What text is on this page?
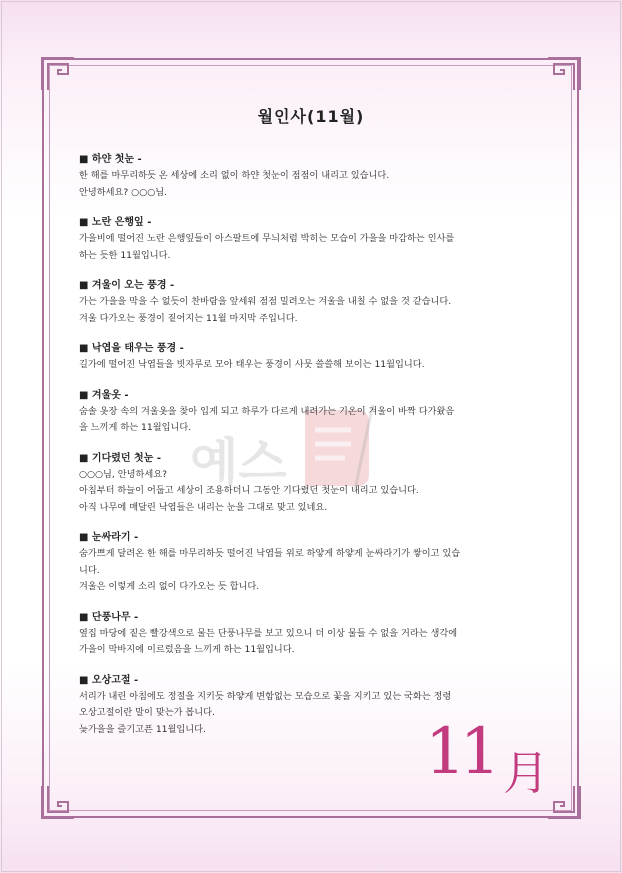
월인사(11월)
예스
■ 하얀 첫눈 -
한 해를 마무리하듯 온 세상에 소리 없이 하얀 첫눈이 점점이 내리고 있습니다.
안녕하세요? ○○○님.
■ 노란 은행잎 -
가을비에 떨어진 노란 은행잎들이 아스팔트에 무늬처럼 박히는 모습이 가을을 마감하는 인사를
하는 듯한 11월입니다.
■ 겨울이 오는 풍경 -
가는 가을을 막을 수 없듯이 찬바람을 앞세워 점점 밀려오는 겨울을 내칠 수 없을 것 같습니다.
겨울 다가오는 풍경이 짙어지는 11월 마지막 주입니다.
■ 낙엽을 태우는 풍경 -
길가에 떨어진 낙엽들을 빗자루로 모아 태우는 풍경이 사뭇 쓸쓸해 보이는 11월입니다.
■ 겨울옷 -
숨솔 옷장 속의 겨울옷을 찾아 입게 되고 하루가 다르게 내려가는 기온이 겨울이 바짝 다가왔음
을 느끼게 하는 11월입니다.
■ 기다렸던 첫눈 -
○○○님, 안녕하세요?
아침부터 하늘이 어둡고 세상이 조용하더니 그동안 기다렸던 첫눈이 내리고 있습니다.
아직 나무에 매달린 낙엽들은 내리는 눈을 그대로 맞고 있네요.
■ 눈싸라기 -
숨가쁘게 달려온 한 해를 마무리하듯 떨어진 낙엽들 위로 하얗게 하얗게 눈싸라기가 쌓이고 있습
니다.
겨울은 이렇게 소리 없이 다가오는 듯 합니다.
■ 단풍나무 -
옆집 마당에 짙은 빨강색으로 물든 단풍나무를 보고 있으니 더 이상 물들 수 없을 거라는 생각에
가을이 막바지에 이르렀음을 느끼게 하는 11월입니다.
■ 오상고절 -
서리가 내린 아침에도 정절을 지키듯 하얗게 변함없는 모습으로 꽃을 지키고 있는 국화는 정령
오상고절이란 말이 맞는가 봅니다.
늦가을을 즐기고픈 11월입니다.	11 月
